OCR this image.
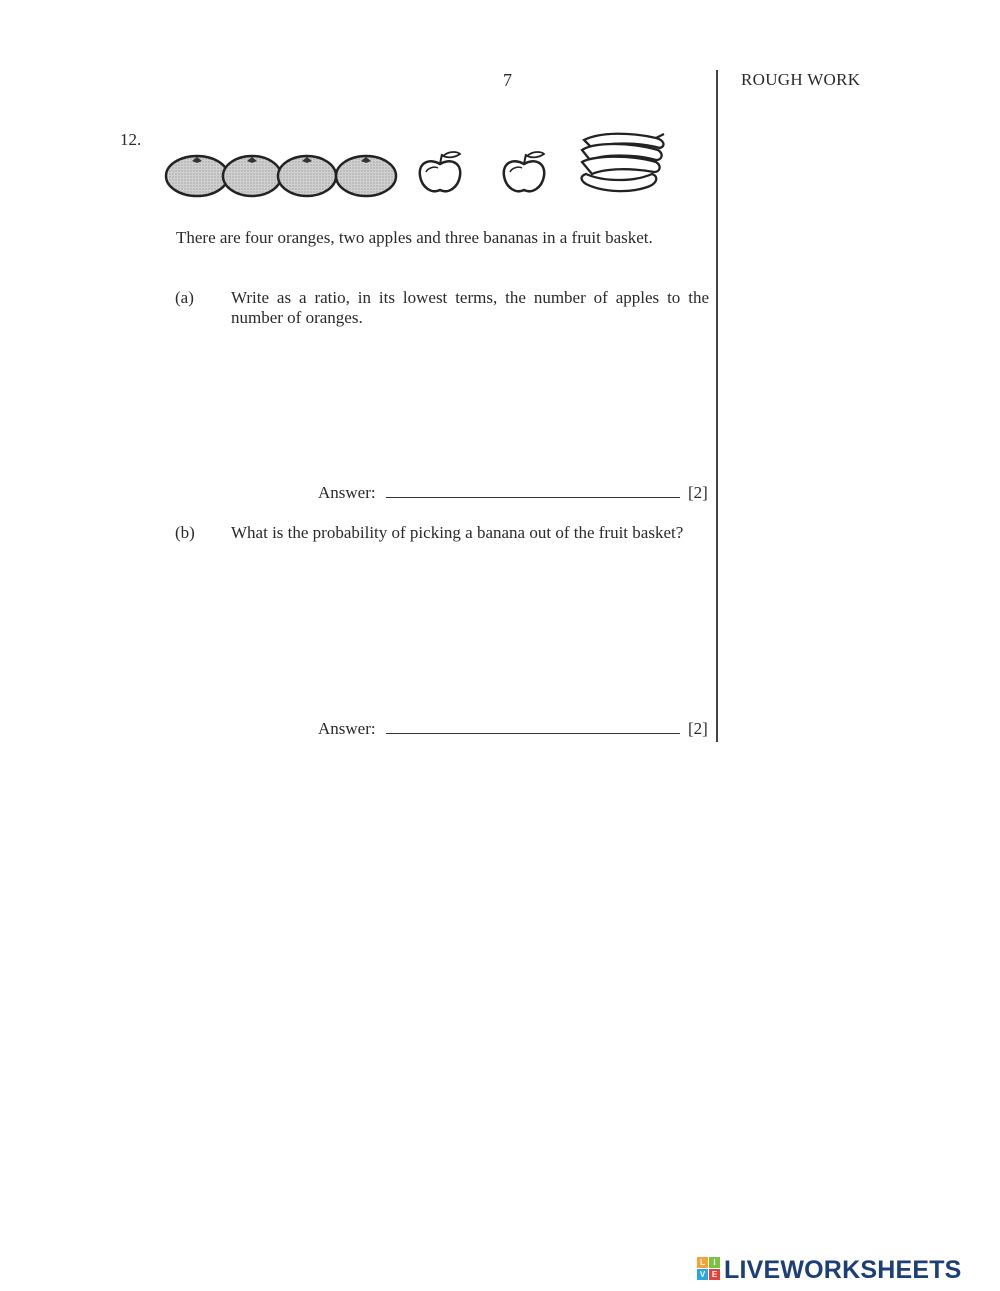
7	ROUGH WORK
12.
There are four oranges, two apples and three bananas in a fruit basket.
(a) Write as a ratio, in its lowest terms, the number of apples to the number of oranges.
Answer:	[2]
(b) What is the probability of picking a banana out of the fruit basket?
Answer:	[2]
L	I
V E LIVEWORKSHEETS
